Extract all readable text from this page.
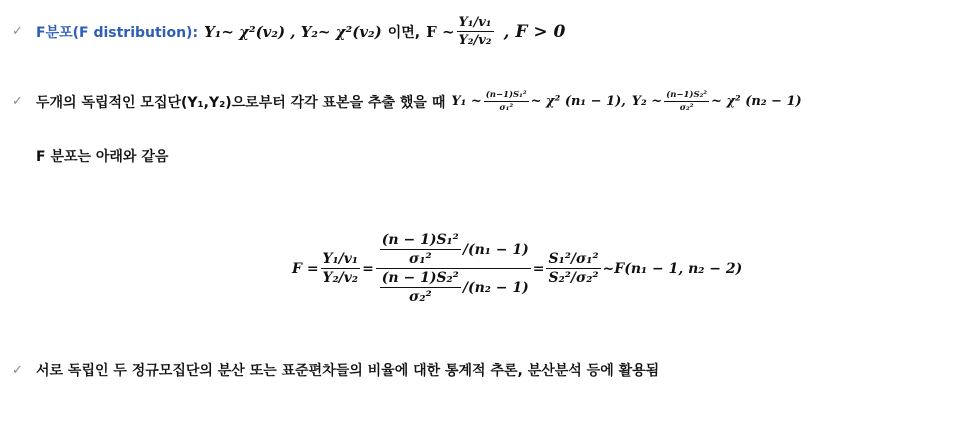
✓ F분포(F distribution): Y₁~ χ²(v₂) , Y₂~ χ²(v₂) 이면, F ~ $\frac{\text{Y₁/v₁}}{\text{Y₂/v₂}}$ , F > 0
✓ 두개의 독립적인 모집단(Y₁,Y₂)으로부터 각각 표본을 추출 했을 때 Y₁ ~ $\frac{\text{(n−1)S₁²}}{\text{σ₁²}}$ ~ χ² (n₁ − 1), Y₂ ~ $\frac{\text{(n−1)S₂²}}{\text{σ₂²}}$ ~ χ² (n₂ − 1)
F 분포는 아래와 같음
$F = \frac{\text{Y₁/v₁}}{\text{Y₂/v₂}} = \frac{\frac{\text{(n − 1)S₁²}}{\text{σ₁²}} /(n_1 - 1)}{\frac{\text{(n − 1)S₂²}}{\text{σ₂²}} /(n_2 - 1)} = \frac{\text{S₁²/σ₁²}}{\text{S₂²/σ₂²}}$ ~F(n₁ − 1, n₂ − 2)
✓ 서로 독립인 두 정규모집단의 분산 또는 표준편차들의 비율에 대한 통계적 추론, 분산분석 등에 활용됨
